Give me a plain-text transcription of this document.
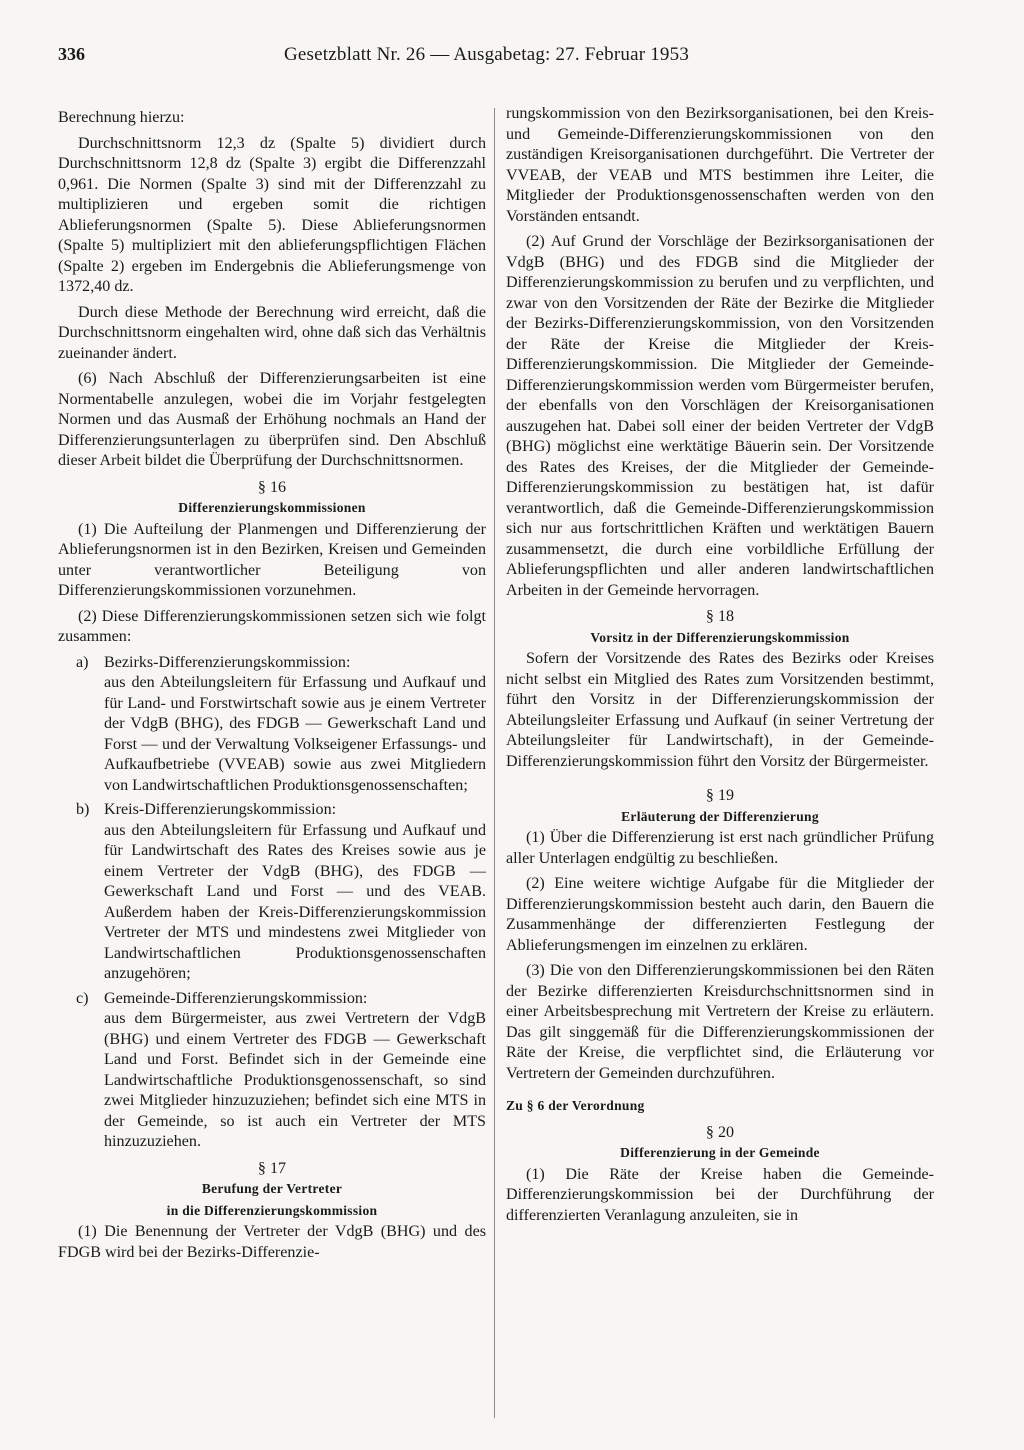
336	Gesetzblatt Nr. 26 — Ausgabetag: 27. Februar 1953

Berechnung hierzu:

Durchschnittsnorm 12,3 dz (Spalte 5) dividiert durch Durchschnittsnorm 12,8 dz (Spalte 3) ergibt die Differenzzahl 0,961. Die Normen (Spalte 3) sind mit der Differenzzahl zu multiplizieren und ergeben somit die richtigen Ablieferungsnormen (Spalte 5). Diese Ablieferungsnormen (Spalte 5) multipliziert mit den ablieferungspflichtigen Flächen (Spalte 2) ergeben im Endergebnis die Ablieferungsmenge von 1372,40 dz.

Durch diese Methode der Berechnung wird erreicht, daß die Durchschnittsnorm eingehalten wird, ohne daß sich das Verhältnis zueinander ändert.

(6) Nach Abschluß der Differenzierungsarbeiten ist eine Normentabelle anzulegen, wobei die im Vorjahr festgelegten Normen und das Ausmaß der Erhöhung nochmals an Hand der Differenzierungsunterlagen zu überprüfen sind. Den Abschluß dieser Arbeit bildet die Überprüfung der Durchschnittsnormen.

§ 16
Differenzierungskommissionen

(1) Die Aufteilung der Planmengen und Differenzierung der Ablieferungsnormen ist in den Bezirken, Kreisen und Gemeinden unter verantwortlicher Beteiligung von Differenzierungskommissionen vorzunehmen.

(2) Diese Differenzierungskommissionen setzen sich wie folgt zusammen:

a) Bezirks-Differenzierungskommission:
aus den Abteilungsleitern für Erfassung und Aufkauf und für Land- und Forstwirtschaft sowie aus je einem Vertreter der VdgB (BHG), des FDGB — Gewerkschaft Land und Forst — und der Verwaltung Volkseigener Erfassungs- und Aufkaufbetriebe (VVEAB) sowie aus zwei Mitgliedern von Landwirtschaftlichen Produktionsgenossenschaften;
b) Kreis-Differenzierungskommission:
aus den Abteilungsleitern für Erfassung und Aufkauf und für Landwirtschaft des Rates des Kreises sowie aus je einem Vertreter der VdgB (BHG), des FDGB — Gewerkschaft Land und Forst — und des VEAB. Außerdem haben der Kreis-Differenzierungskommission Vertreter der MTS und mindestens zwei Mitglieder von Landwirtschaftlichen Produktionsgenossenschaften anzugehören;
c) Gemeinde-Differenzierungskommission:
aus dem Bürgermeister, aus zwei Vertretern der VdgB (BHG) und einem Vertreter des FDGB — Gewerkschaft Land und Forst. Befindet sich in der Gemeinde eine Landwirtschaftliche Produktionsgenossenschaft, so sind zwei Mitglieder hinzuzuziehen; befindet sich eine MTS in der Gemeinde, so ist auch ein Vertreter der MTS hinzuzuziehen.
§ 17
Berufung der Vertreter
in die Differenzierungskommission

(1) Die Benennung der Vertreter der VdgB (BHG) und des FDGB wird bei der Bezirks-Differenzie-

rungskommission von den Bezirksorganisationen, bei den Kreis- und Gemeinde-Differenzierungskommissionen von den zuständigen Kreisorganisationen durchgeführt. Die Vertreter der VVEAB, der VEAB und MTS bestimmen ihre Leiter, die Mitglieder der Produktionsgenossenschaften werden von den Vorständen entsandt.

(2) Auf Grund der Vorschläge der Bezirksorganisationen der VdgB (BHG) und des FDGB sind die Mitglieder der Differenzierungskommission zu berufen und zu verpflichten, und zwar von den Vorsitzenden der Räte der Bezirke die Mitglieder der Bezirks-Differenzierungskommission, von den Vorsitzenden der Räte der Kreise die Mitglieder der Kreis-Differenzierungskommission. Die Mitglieder der Gemeinde-Differenzierungskommission werden vom Bürgermeister berufen, der ebenfalls von den Vorschlägen der Kreisorganisationen auszugehen hat. Dabei soll einer der beiden Vertreter der VdgB (BHG) möglichst eine werktätige Bäuerin sein. Der Vorsitzende des Rates des Kreises, der die Mitglieder der Gemeinde-Differenzierungskommission zu bestätigen hat, ist dafür verantwortlich, daß die Gemeinde-Differenzierungskommission sich nur aus fortschrittlichen Kräften und werktätigen Bauern zusammensetzt, die durch eine vorbildliche Erfüllung der Ablieferungspflichten und aller anderen landwirtschaftlichen Arbeiten in der Gemeinde hervorragen.

§ 18
Vorsitz in der Differenzierungskommission

Sofern der Vorsitzende des Rates des Bezirks oder Kreises nicht selbst ein Mitglied des Rates zum Vorsitzenden bestimmt, führt den Vorsitz in der Differenzierungskommission der Abteilungsleiter Erfassung und Aufkauf (in seiner Vertretung der Abteilungsleiter für Landwirtschaft), in der Gemeinde-Differenzierungskommission führt den Vorsitz der Bürgermeister.

§ 19
Erläuterung der Differenzierung

(1) Über die Differenzierung ist erst nach gründlicher Prüfung aller Unterlagen endgültig zu beschließen.

(2) Eine weitere wichtige Aufgabe für die Mitglieder der Differenzierungskommission besteht auch darin, den Bauern die Zusammenhänge der differenzierten Festlegung der Ablieferungsmengen im einzelnen zu erklären.

(3) Die von den Differenzierungskommissionen bei den Räten der Bezirke differenzierten Kreisdurchschnittsnormen sind in einer Arbeitsbesprechung mit Vertretern der Kreise zu erläutern. Das gilt singgemäß für die Differenzierungskommissionen der Räte der Kreise, die verpflichtet sind, die Erläuterung vor Vertretern der Gemeinden durchzuführen.

Zu § 6 der Verordnung
§ 20
Differenzierung in der Gemeinde

(1) Die Räte der Kreise haben die Gemeinde-Differenzierungskommission bei der Durchführung der differenzierten Veranlagung anzuleiten, sie in
